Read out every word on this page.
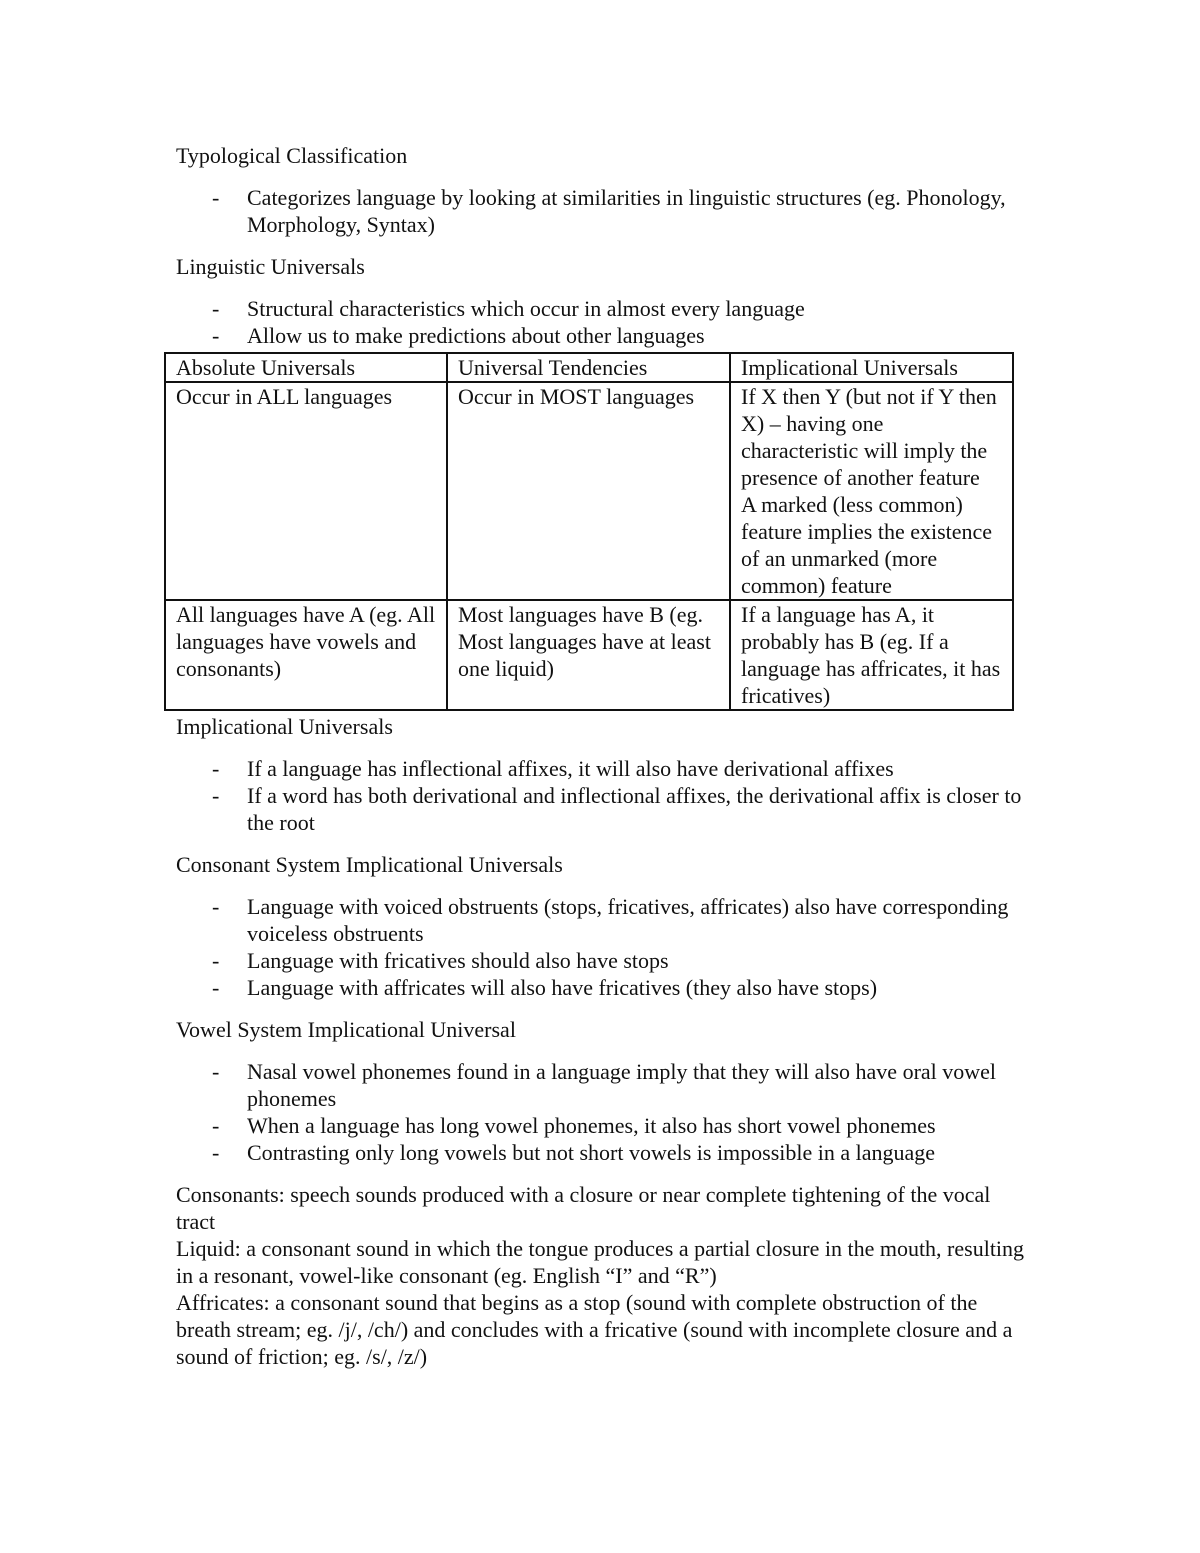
Typological Classification
- Categorizes language by looking at similarities in linguistic structures (eg. Phonology, Morphology, Syntax)
Linguistic Universals
- Structural characteristics which occur in almost every language
- Allow us to make predictions about other languages
Absolute Universals	Universal Tendencies	Implicational Universals
Occur in ALL languages	Occur in MOST languages	If X then Y (but not if Y then X) – having one characteristic will imply the presence of another feature
A marked (less common) feature implies the existence of an unmarked (more common) feature

All languages have A (eg. All languages have vowels and consonants)	Most languages have B (eg. Most languages have at least one liquid)	If a language has A, it probably has B (eg. If a language has affricates, it has fricatives)
Implicational Universals
- If a language has inflectional affixes, it will also have derivational affixes
- If a word has both derivational and inflectional affixes, the derivational affix is closer to the root
Consonant System Implicational Universals
- Language with voiced obstruents (stops, fricatives, affricates) also have corresponding voiceless obstruents
- Language with fricatives should also have stops
- Language with affricates will also have fricatives (they also have stops)
Vowel System Implicational Universal
- Nasal vowel phonemes found in a language imply that they will also have oral vowel phonemes
- When a language has long vowel phonemes, it also has short vowel phonemes
- Contrasting only long vowels but not short vowels is impossible in a language

Consonants: speech sounds produced with a closure or near complete tightening of the vocal tract

Liquid: a consonant sound in which the tongue produces a partial closure in the mouth, resulting in a resonant, vowel-like consonant (eg. English “I” and “R”)

Affricates: a consonant sound that begins as a stop (sound with complete obstruction of the breath stream; eg. /j/, /ch/) and concludes with a fricative (sound with incomplete closure and a sound of friction; eg. /s/, /z/)
